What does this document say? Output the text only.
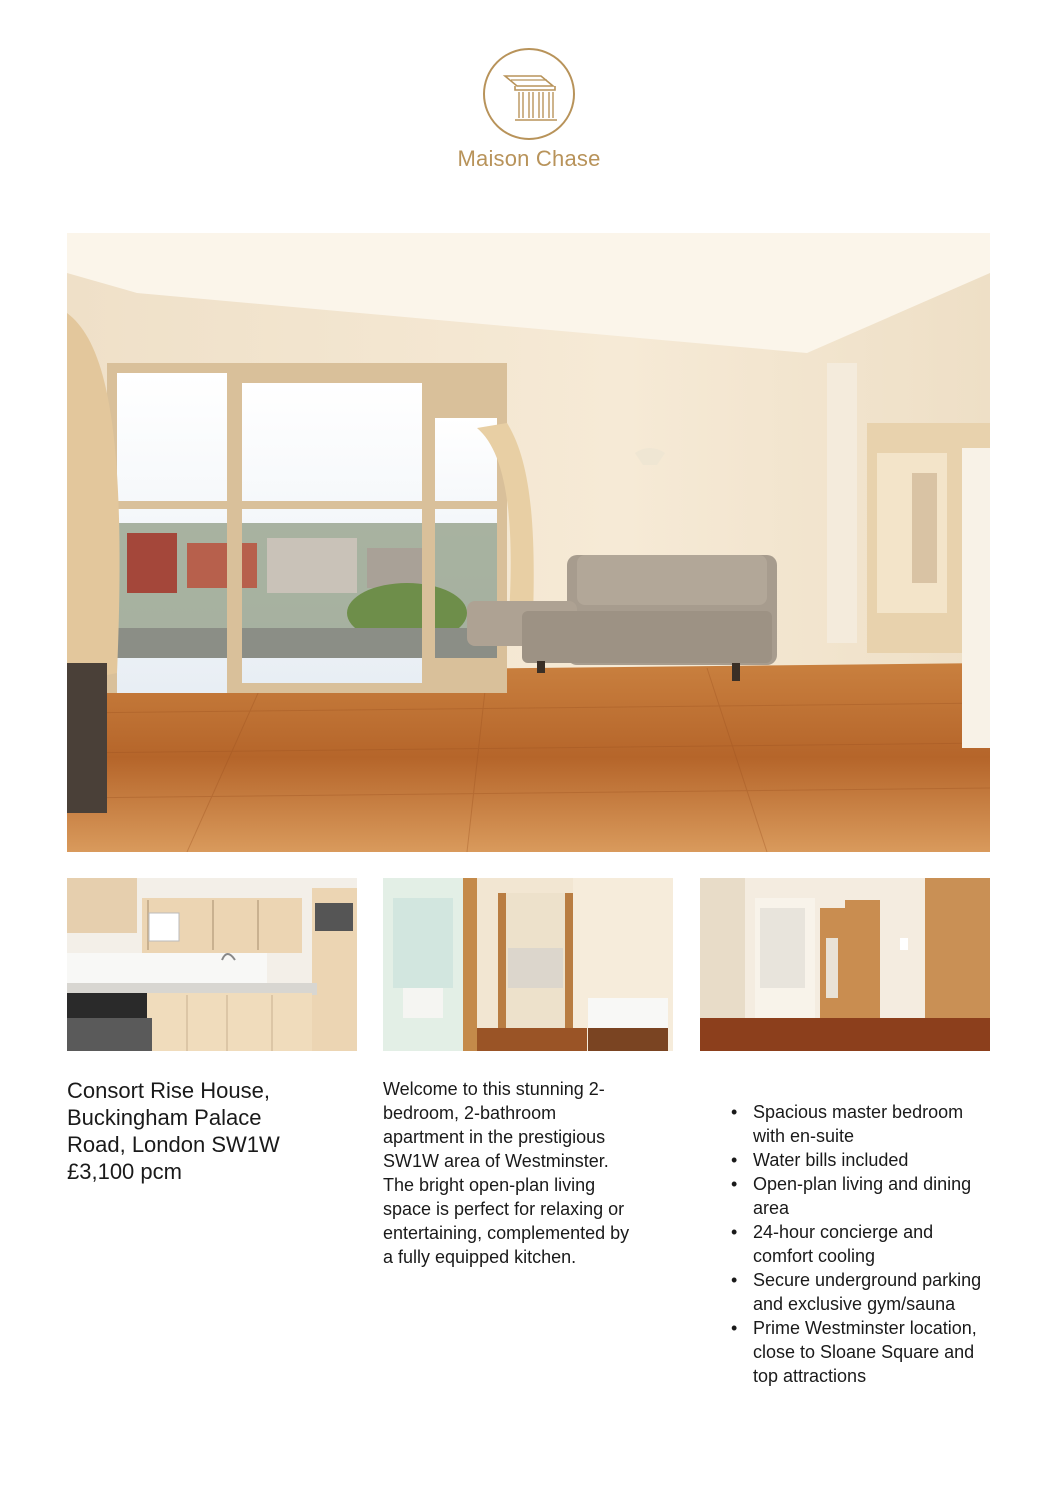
Maison Chase
Consort Rise House,
Buckingham Palace
Road, London SW1W
£3,100 pcm
Welcome to this stunning 2-
bedroom, 2-bathroom
apartment in the prestigious
SW1W area of Westminster.
The bright open-plan living
space is perfect for relaxing or
entertaining, complemented by
a fully equipped kitchen.
• Spacious master bedroom with en-suite
• Water bills included
• Open-plan living and dining area
• 24-hour concierge and comfort cooling
• Secure underground parking and exclusive gym/sauna
• Prime Westminster location, close to Sloane Square and top attractions
